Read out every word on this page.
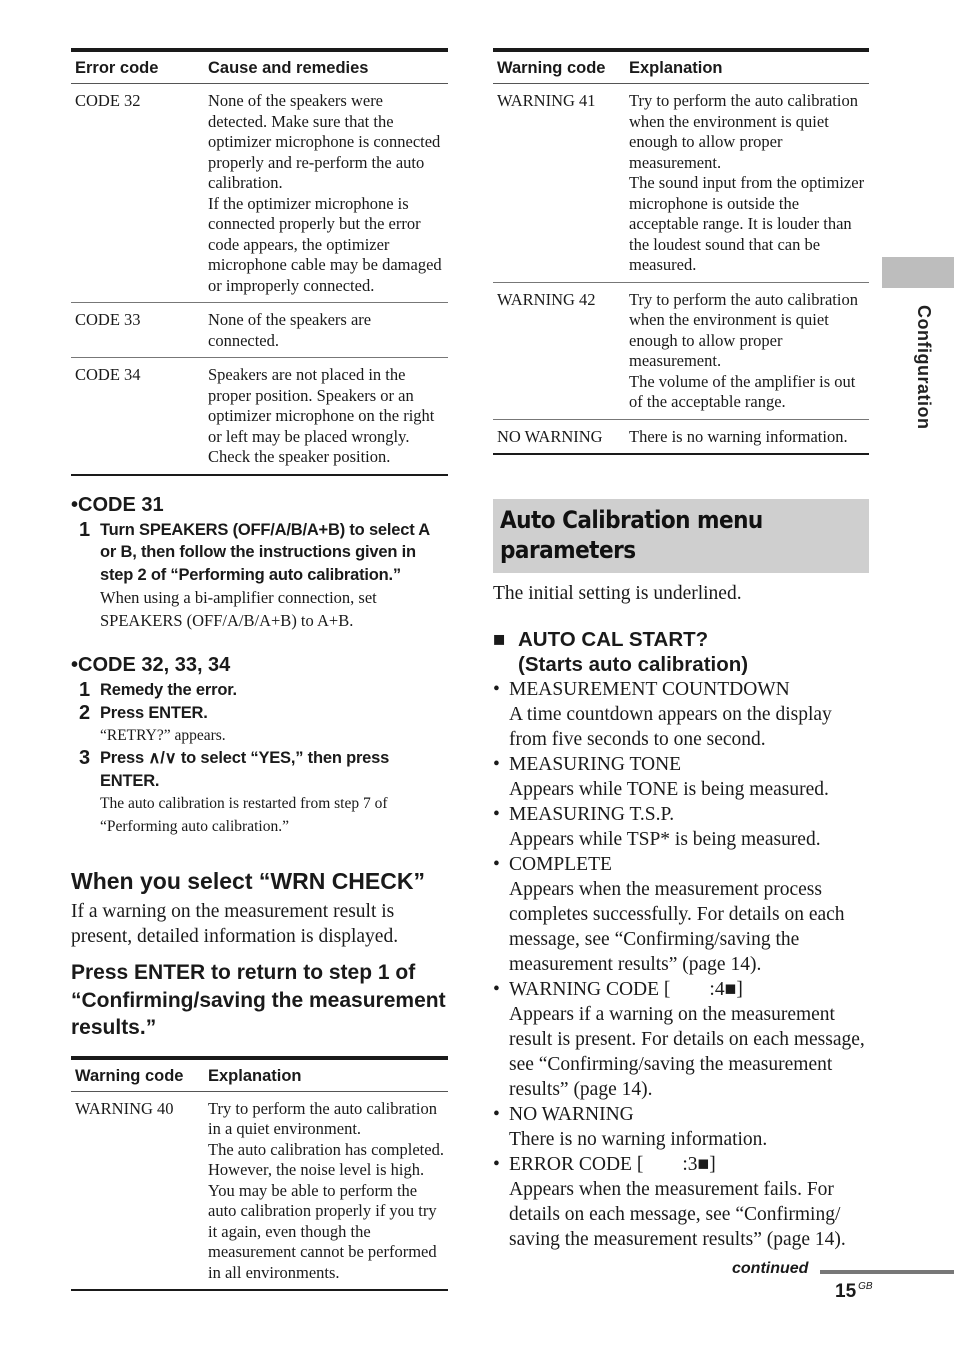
Error code	Cause and remedies
CODE 32	None of the speakers were detected. Make sure that the optimizer microphone is connected properly and re-perform the auto calibration.
If the optimizer microphone is connected properly but the error code appears, the optimizer microphone cable may be damaged or improperly connected.

CODE 33	None of the speakers are connected.

CODE 34	Speakers are not placed in the proper position. Speakers or an optimizer microphone on the right or left may be placed wrongly. Check the speaker position.
•CODE 31
1 Turn SPEAKERS (OFF/A/B/A+B) to select A or B, then follow the instructions given in step 2 of “Performing auto calibration.”
When using a bi-amplifier connection, set SPEAKERS (OFF/A/B/A+B) to A+B.
•CODE 32, 33, 34
1 Remedy the error.
2 Press ENTER.
“RETRY?” appears.
3 Press ∧/∨ to select “YES,” then press ENTER.
The auto calibration is restarted from step 7 of “Performing auto calibration.”
When you select “WRN CHECK”

If a warning on the measurement result is present, detailed information is displayed.

Press ENTER to return to step 1 of “Confirming/saving the measurement results.”
Warning code	Explanation
WARNING 40	Try to perform the auto calibration in a quiet environment.
The auto calibration has completed. However, the noise level is high. You may be able to perform the auto calibration properly if you try it again, even though the measurement cannot be performed in all environments.
Warning code	Explanation
WARNING 41	Try to perform the auto calibration when the environment is quiet enough to allow proper measurement.
The sound input from the optimizer microphone is outside the acceptable range. It is louder than the loudest sound that can be measured.

WARNING 42	Try to perform the auto calibration when the environment is quiet enough to allow proper measurement.
The volume of the amplifier is out of the acceptable range.

NO WARNING	There is no warning information.
Auto Calibration menu
parameters

The initial setting is underlined.

■ AUTO CAL START?
(Starts auto calibration)
• MEASUREMENT COUNTDOWN
A time countdown appears on the display from five seconds to one second.
• MEASURING TONE
Appears while TONE is being measured.
• MEASURING T.S.P.
Appears while TSP* is being measured.
• COMPLETE
Appears when the measurement process completes successfully. For details on each message, see “Confirming/saving the measurement results” (page 14).
• WARNING CODE [        :4■]
Appears if a warning on the measurement result is present. For details on each message, see “Confirming/saving the measurement results” (page 14).
• NO WARNING
There is no warning information.
• ERROR CODE [        :3■]
Appears when the measurement fails. For details on each message, see “Confirming/ saving the measurement results” (page 14).
Configuration
continued
15 $^{GB}$
